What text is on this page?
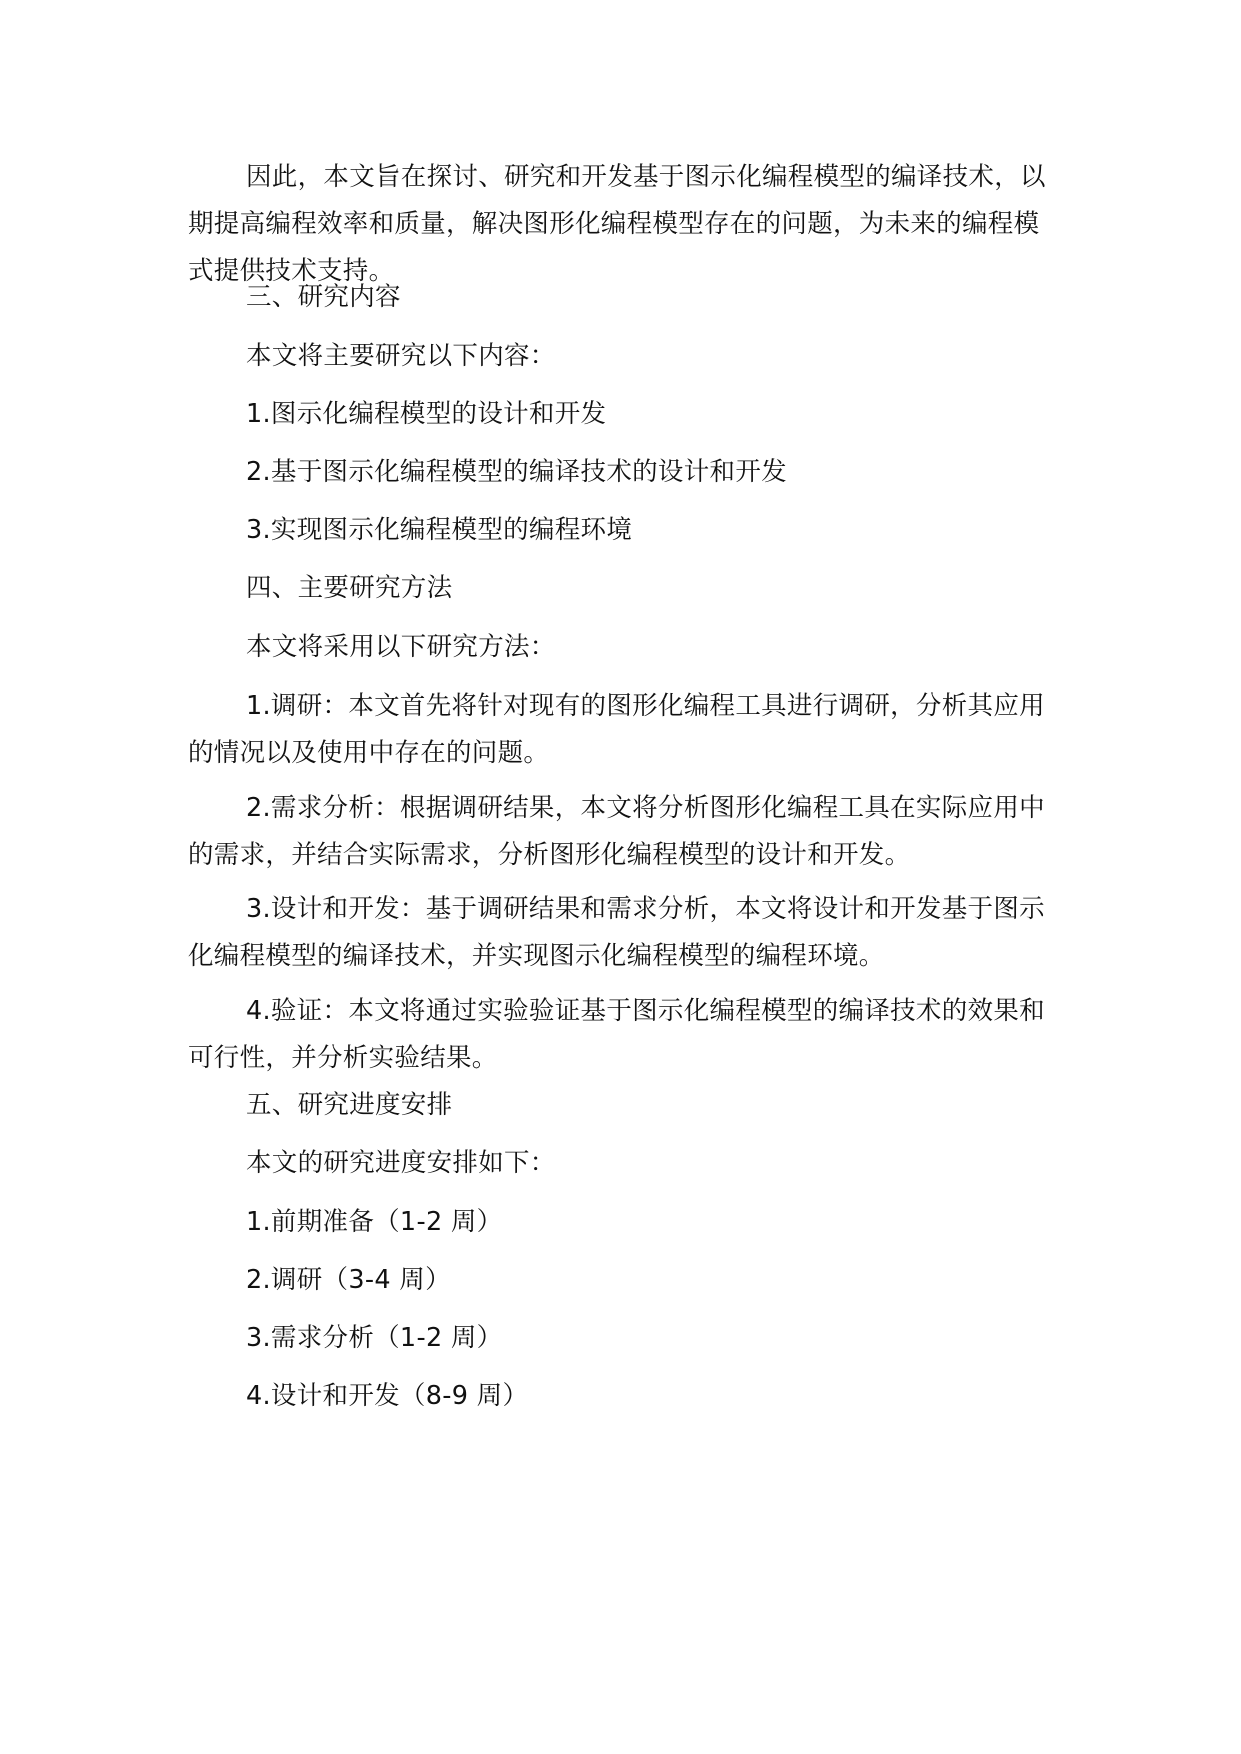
因此，本文旨在探讨、研究和开发基于图示化编程模型的编译技术，以期提高编程效率和质量，解决图形化编程模型存在的问题，为未来的编程模式提供技术支持。

三、研究内容

本文将主要研究以下内容：

1.图示化编程模型的设计和开发

2.基于图示化编程模型的编译技术的设计和开发

3.实现图示化编程模型的编程环境

四、主要研究方法

本文将采用以下研究方法：

1.调研：本文首先将针对现有的图形化编程工具进行调研，分析其应用的情况以及使用中存在的问题。

2.需求分析：根据调研结果，本文将分析图形化编程工具在实际应用中的需求，并结合实际需求，分析图形化编程模型的设计和开发。

3.设计和开发：基于调研结果和需求分析，本文将设计和开发基于图示化编程模型的编译技术，并实现图示化编程模型的编程环境。

4.验证：本文将通过实验验证基于图示化编程模型的编译技术的效果和可行性，并分析实验结果。

五、研究进度安排

本文的研究进度安排如下：

1.前期准备（1-2 周）

2.调研（3-4 周）

3.需求分析（1-2 周）

4.设计和开发（8-9 周）
